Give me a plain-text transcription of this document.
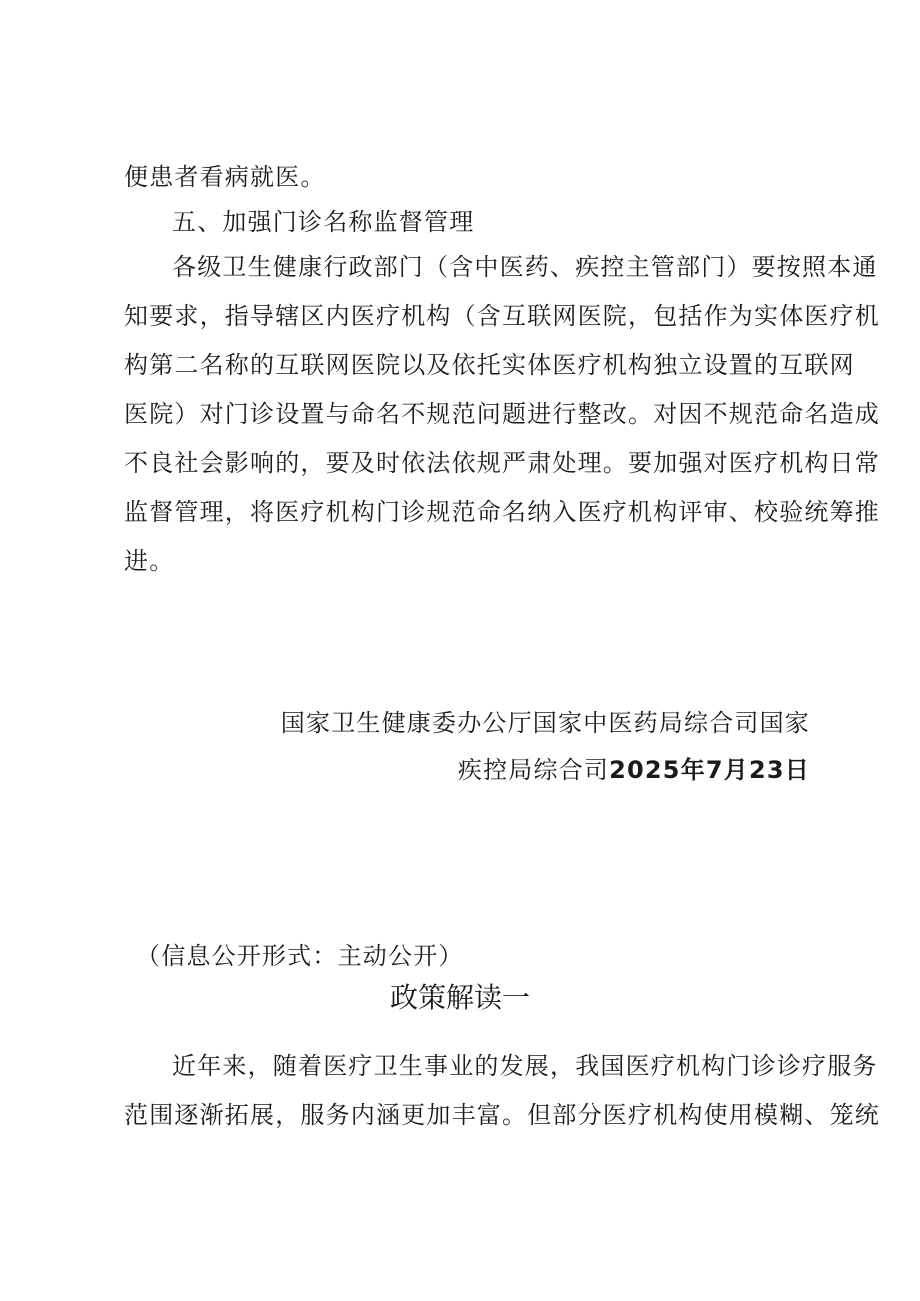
便患者看病就医。
五、加强门诊名称监督管理
各级卫生健康行政部门（含中医药、疾控主管部门）要按照本通
知要求，指导辖区内医疗机构（含互联网医院，包括作为实体医疗机
构第二名称的互联网医院以及依托实体医疗机构独立设置的互联网
医院）对门诊设置与命名不规范问题进行整改。对因不规范命名造成
不良社会影响的，要及时依法依规严肃处理。要加强对医疗机构日常
监督管理，将医疗机构门诊规范命名纳入医疗机构评审、校验统筹推
进。
国家卫生健康委办公厅国家中医药局综合司国家
疾控局综合司2025年7月23日
（信息公开形式：主动公开）
政策解读一
近年来，随着医疗卫生事业的发展，我国医疗机构门诊诊疗服务
范围逐渐拓展，服务内涵更加丰富。但部分医疗机构使用模糊、笼统
